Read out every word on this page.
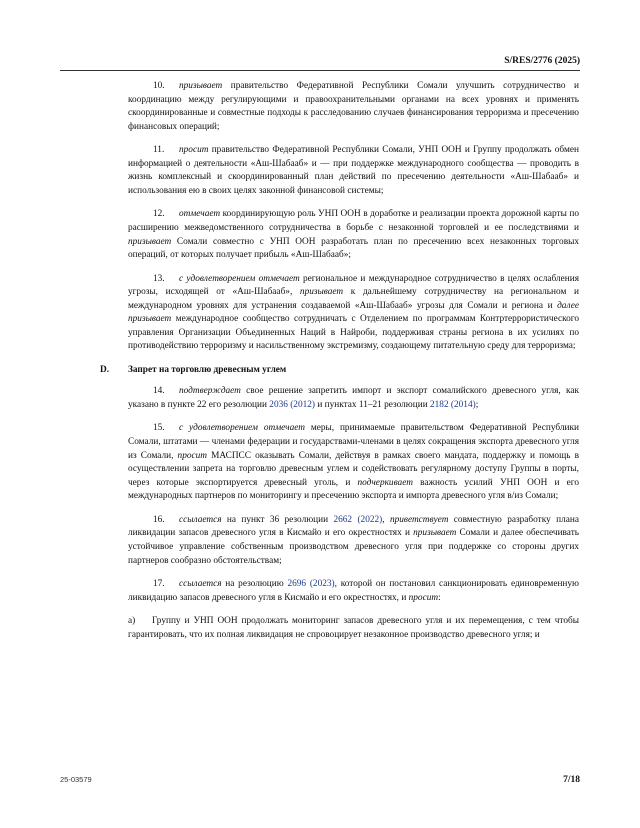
S/RES/2776 (2025)

10. призывает правительство Федеративной Республики Сомали улучшить сотрудничество и координацию между регулирующими и правоохранительными органами на всех уровнях и применять скоординированные и совместные подходы к расследованию случаев финансирования терроризма и пресечению финансовых операций;

11. просит правительство Федеративной Республики Сомали, УНП ООН и Группу продолжать обмен информацией о деятельности «Аш-Шабааб» и — при поддержке международного сообщества — проводить в жизнь комплексный и скоординированный план действий по пресечению деятельности «Аш-Шабааб» и использования ею в своих целях законной финансовой системы;

12. отмечает координирующую роль УНП ООН в доработке и реализации проекта дорожной карты по расширению межведомственного сотрудничества в борьбе с незаконной торговлей и ее последствиями и призывает Сомали совместно с УНП ООН разработать план по пресечению всех незаконных торговых операций, от которых получает прибыль «Аш-Шабааб»;

13. с удовлетворением отмечает региональное и международное сотрудничество в целях ослабления угрозы, исходящей от «Аш-Шабааб», призывает к дальнейшему сотрудничеству на региональном и международном уровнях для устранения создаваемой «Аш-Шабааб» угрозы для Сомали и региона и далее призывает международное сообщество сотрудничать с Отделением по программам Контртеррористического управления Организации Объединенных Наций в Найроби, поддерживая страны региона в их усилиях по противодействию терроризму и насильственному экстремизму, создающему питательную среду для терроризма;

D. Запрет на торговлю древесным углем

14. подтверждает свое решение запретить импорт и экспорт сомалийского древесного угля, как указано в пункте 22 его резолюции 2036 (2012) и пунктах 11–21 резолюции 2182 (2014);

15. с удовлетворением отмечает меры, принимаемые правительством Федеративной Республики Сомали, штатами — членами федерации и государствами-членами в целях сокращения экспорта древесного угля из Сомали, просит МАСПСС оказывать Сомали, действуя в рамках своего мандата, поддержку и помощь в осуществлении запрета на торговлю древесным углем и содействовать регулярному доступу Группы в порты, через которые экспортируется древесный уголь, и подчеркивает важность усилий УНП ООН и его международных партнеров по мониторингу и пресечению экспорта и импорта древесного угля в/из Сомали;

16. ссылается на пункт 36 резолюции 2662 (2022), приветствует совместную разработку плана ликвидации запасов древесного угля в Кисмайо и его окрестностях и призывает Сомали и далее обеспечивать устойчивое управление собственным производством древесного угля при поддержке со стороны других партнеров сообразно обстоятельствам;

17. ссылается на резолюцию 2696 (2023), которой он постановил санкционировать единовременную ликвидацию запасов древесного угля в Кисмайо и его окрестностях, и просит:

a) Группу и УНП ООН продолжать мониторинг запасов древесного угля и их перемещения, с тем чтобы гарантировать, что их полная ликвидация не спровоцирует незаконное производство древесного угля; и

25-03579	7/18
